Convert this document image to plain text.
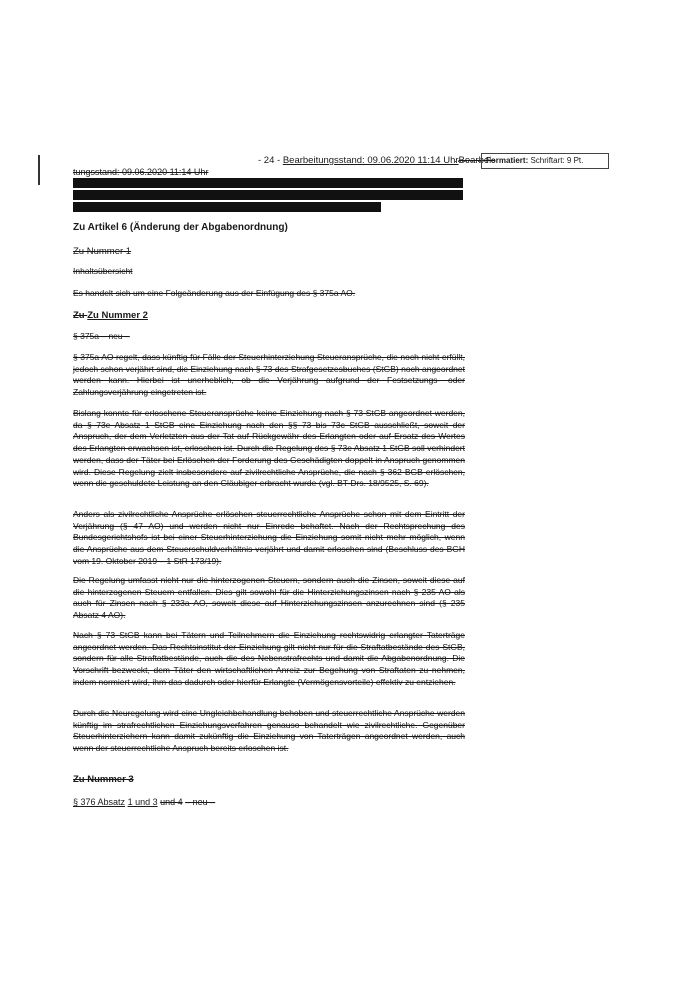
- 24 - Bearbeitungsstand: 09.06.2020 11:14 UhrBearbei-
tungsstand: 09.06.2020 11:14 Uhr
Formatiert: Schriftart: 9 Pt.
Zu Artikel 6 (Änderung der Abgabenordnung)
Zu Nummer 1
Inhaltsübersicht
Es handelt sich um eine Folgeänderung aus der Einfügung des § 375a AO.
Zu Zu Nummer 2
§ 375a – neu –
§ 375a AO regelt, dass künftig für Fälle der Steuerhinterziehung Steueransprüche, die noch nicht erfüllt, jedoch schon verjährt sind, die Einziehung nach § 73 des Strafgesetzesbuches (StGB) noch angeordnet werden kann. Hierbei ist unerheblich, ob die Verjährung aufgrund der Festsetzungs- oder Zahlungsverjährung eingetreten ist.
Bislang konnte für erloschene Steueransprüche keine Einziehung nach § 73 StGB angeordnet werden, da § 73e Absatz 1 StGB eine Einziehung nach den §§ 73 bis 73c StGB ausschließt, soweit der Anspruch, der dem Verletzten aus der Tat auf Rückgewähr des Erlangten oder auf Ersatz des Wertes des Erlangten erwachsen ist, erloschen ist. Durch die Regelung des § 73e Absatz 1 StGB soll verhindert werden, dass der Täter bei Erlöschen der Forderung des Geschädigten doppelt in Anspruch genommen wird. Diese Regelung zielt insbesondere auf zivilrechtliche Ansprüche, die nach § 362 BGB erlöschen, wenn die geschuldete Leistung an den Gläubiger erbracht wurde (vgl. BT-Drs. 18/9525, S. 69).
Anders als zivilrechtliche Ansprüche erlöschen steuerrechtliche Ansprüche schon mit dem Eintritt der Verjährung (§ 47 AO) und werden nicht nur Einrede behaftet. Nach der Rechtsprechung des Bundesgerichtshofs ist bei einer Steuerhinterziehung die Einziehung somit nicht mehr möglich, wenn die Ansprüche aus dem Steuerschuldverhältnis verjährt und damit erloschen sind (Beschluss des BGH vom 19. Oktober 2019 – 1 StR 173/19).
Die Regelung umfasst nicht nur die hinterzogenen Steuern, sondern auch die Zinsen, soweit diese auf die hinterzogenen Steuern entfallen. Dies gilt sowohl für die Hinterziehungszinsen nach § 235 AO als auch für Zinsen nach § 233a AO, soweit diese auf Hinterziehungszinsen anzurechnen sind (§ 235 Absatz 4 AO).
Nach § 73 StGB kann bei Tätern und Teilnehmern die Einziehung rechtswidrig erlangter Taterträge angeordnet werden. Das Rechtsinstitut der Einziehung gilt nicht nur für die Straftatbestände des StGB, sondern für alle Straftatbestände, auch die des Nebenstrafrechts und damit die Abgabenordnung. Die Vorschrift bezweckt, dem Täter den wirtschaftlichen Anreiz zur Begehung von Straftaten zu nehmen, indem normiert wird, ihm das dadurch oder hierfür Erlangte (Vermögensvorteile) effektiv zu entziehen.
Durch die Neuregelung wird eine Ungleichbehandlung behoben und steuerrechtliche Ansprüche werden künftig im strafrechtlichen Einziehungsverfahren genauso behandelt wie zivilrechtliche. Gegenüber Steuerhinterziehern kann damit zukünftig die Einziehung von Taterträgen angeordnet werden, auch wenn der steuerrechtliche Anspruch bereits erloschen ist.
Zu Nummer 3
§ 376 Absatz 1 und 3 und 4 – neu –
